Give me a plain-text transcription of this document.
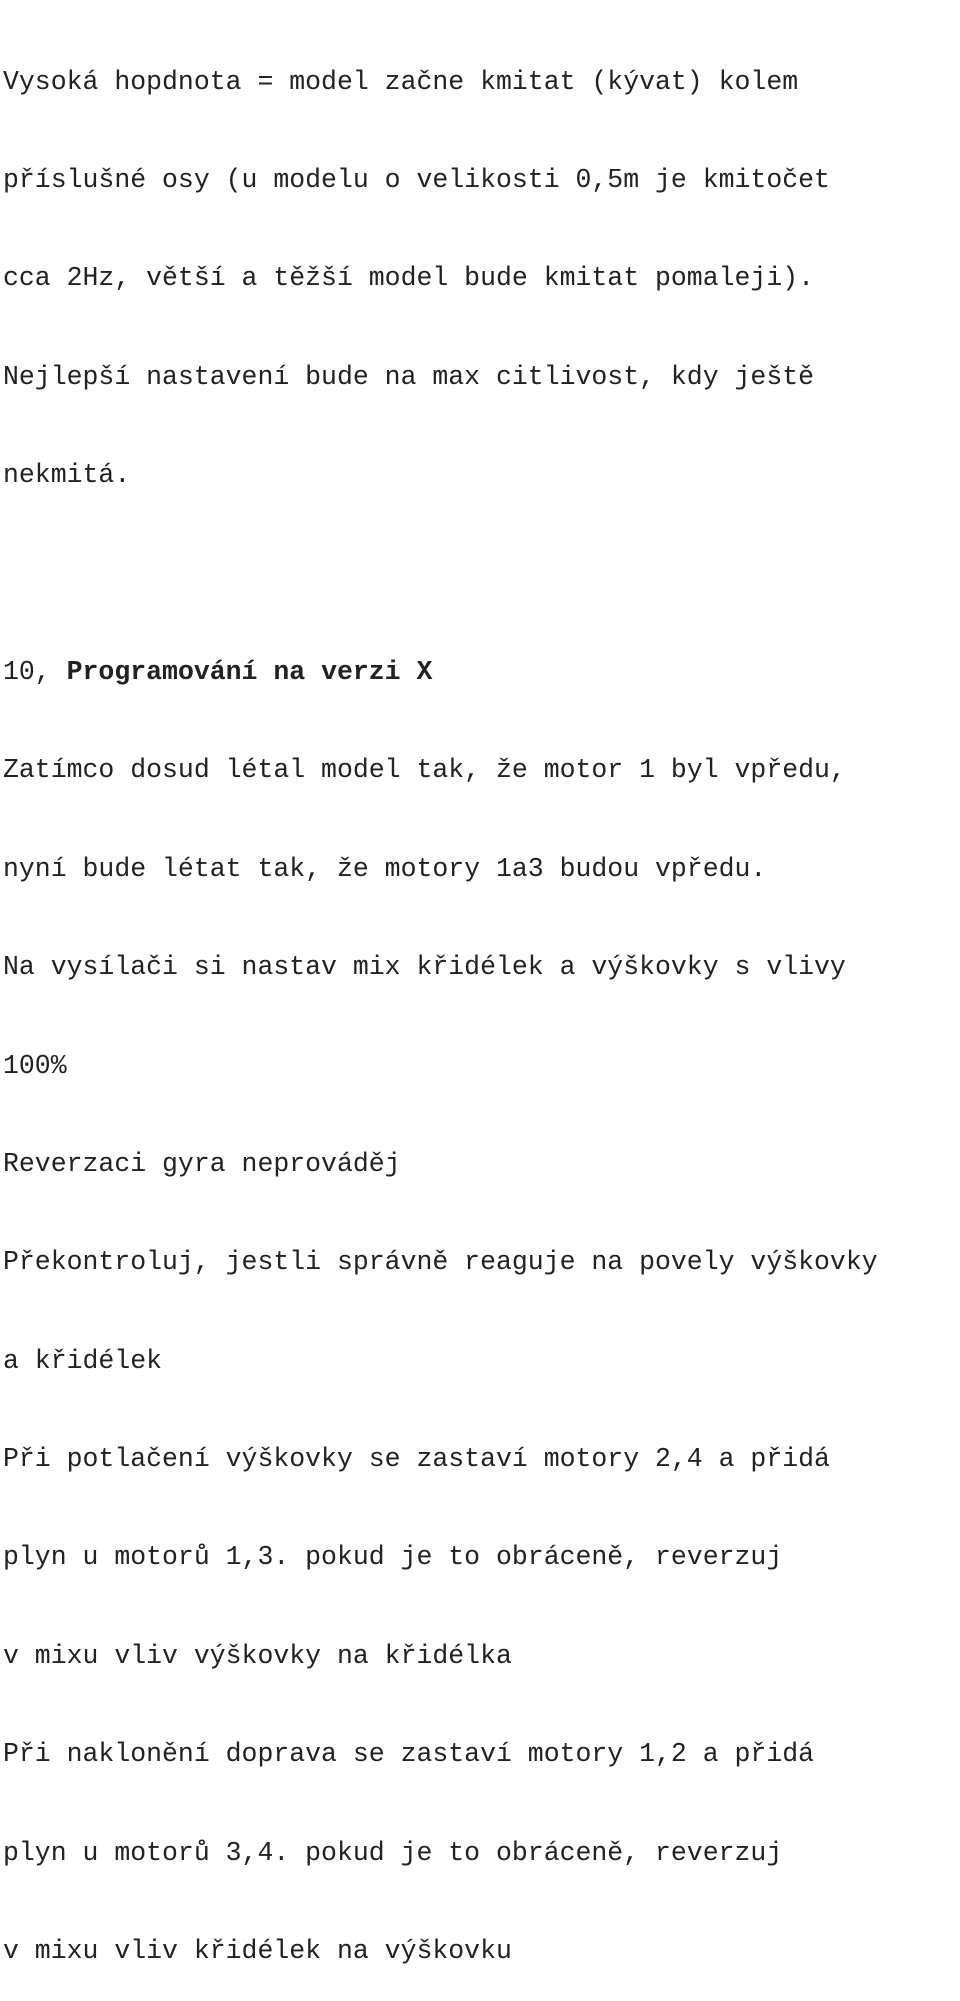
Vysoká hopdnota = model začne kmitat (kývat) kolem

příslušné osy (u modelu o velikosti 0,5m je kmitočet

cca 2Hz, větší a těžší model bude kmitat pomaleji).

Nejlepší nastavení bude na max citlivost, kdy ještě

nekmitá.

10, Programování na verzi X

Zatímco dosud létal model tak, že motor 1 byl vpředu,

nyní bude létat tak, že motory 1a3 budou vpředu.

Na vysílači si nastav mix křidélek a výškovky s vlivy

100%

Reverzaci gyra neprováděj

Překontroluj, jestli správně reaguje na povely výškovky

a křidélek

Při potlačení výškovky se zastaví motory 2,4 a přidá

plyn u motorů 1,3. pokud je to obráceně, reverzuj

v mixu vliv výškovky na křidélka

Při naklonění doprava se zastaví motory 1,2 a přidá

plyn u motorů 3,4. pokud je to obráceně, reverzuj

v mixu vliv křidélek na výškovku
